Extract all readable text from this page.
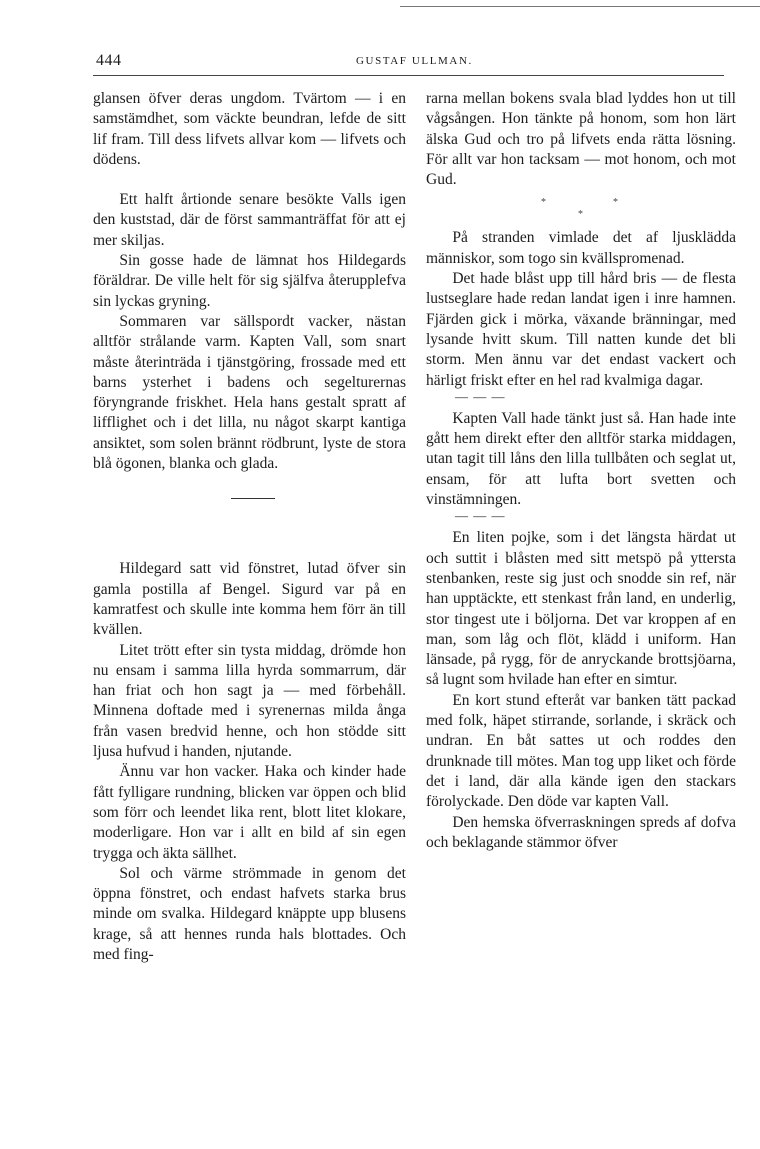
444	GUSTAF ULLMAN.

glansen öfver deras ungdom. Tvärtom — i en samstämdhet, som väckte beundran, lefde de sitt lif fram. Till dess lifvets allvar kom — lifvets och dödens.

Ett halft årtionde senare besökte Valls igen den kuststad, där de först sammanträffat för att ej mer skiljas.

Sin gosse hade de lämnat hos Hildegards föräldrar. De ville helt för sig själfva återupplefva sin lyckas gryning.

Sommaren var sällspordt vacker, nästan alltför strålande varm. Kapten Vall, som snart måste återinträda i tjänstgöring, frossade med ett barns ysterhet i badens och segelturernas föryngrande friskhet. Hela hans gestalt spratt af lifflighet och i det lilla, nu något skarpt kantiga ansiktet, som solen brännt rödbrunt, lyste de stora blå ögonen, blanka och glada.

Hildegard satt vid fönstret, lutad öfver sin gamla postilla af Bengel. Sigurd var på en kamratfest och skulle inte komma hem förr än till kvällen.

Litet trött efter sin tysta middag, drömde hon nu ensam i samma lilla hyrda sommarrum, där han friat och hon sagt ja — med förbehåll. Minnena doftade med i syrenernas milda ånga från vasen bredvid henne, och hon stödde sitt ljusa hufvud i handen, njutande.

Ännu var hon vacker. Haka och kinder hade fått fylligare rundning, blicken var öppen och blid som förr och leendet lika rent, blott litet klokare, moderligare. Hon var i allt en bild af sin egen trygga och äkta sällhet.

Sol och värme strömmade in genom det öppna fönstret, och endast hafvets starka brus minde om svalka. Hildegard knäppte upp blusens krage, så att hennes runda hals blottades. Och med fing-

rarna mellan bokens svala blad lyddes hon ut till vågsången. Hon tänkte på honom, som hon lärt älska Gud och tro på lifvets enda rätta lösning. För allt var hon tacksam — mot honom, och mot Gud.

*
*
*

På stranden vimlade det af ljusklädda människor, som togo sin kvällspromenad.

Det hade blåst upp till hård bris — de flesta lustseglare hade redan landat igen i inre hamnen. Fjärden gick i mörka, växande bränningar, med lysande hvitt skum. Till natten kunde det bli storm. Men ännu var det endast vackert och härligt friskt efter en hel rad kvalmiga dagar.

— — —

Kapten Vall hade tänkt just så. Han hade inte gått hem direkt efter den alltför starka middagen, utan tagit till låns den lilla tullbåten och seglat ut, ensam, för att lufta bort svetten och vinstämningen.

— — —

En liten pojke, som i det längsta härdat ut och suttit i blåsten med sitt metspö på yttersta stenbanken, reste sig just och snodde sin ref, när han upptäckte, ett stenkast från land, en underlig, stor tingest ute i böljorna. Det var kroppen af en man, som låg och flöt, klädd i uniform. Han länsade, på rygg, för de anryckande brottsjöarna, så lugnt som hvilade han efter en simtur.

En kort stund efteråt var banken tätt packad med folk, häpet stirrande, sorlande, i skräck och undran. En båt sattes ut och roddes den drunknade till mötes. Man tog upp liket och förde det i land, där alla kände igen den stackars förolyckade. Den döde var kapten Vall.

Den hemska öfverraskningen spreds af dofva och beklagande stämmor öfver
